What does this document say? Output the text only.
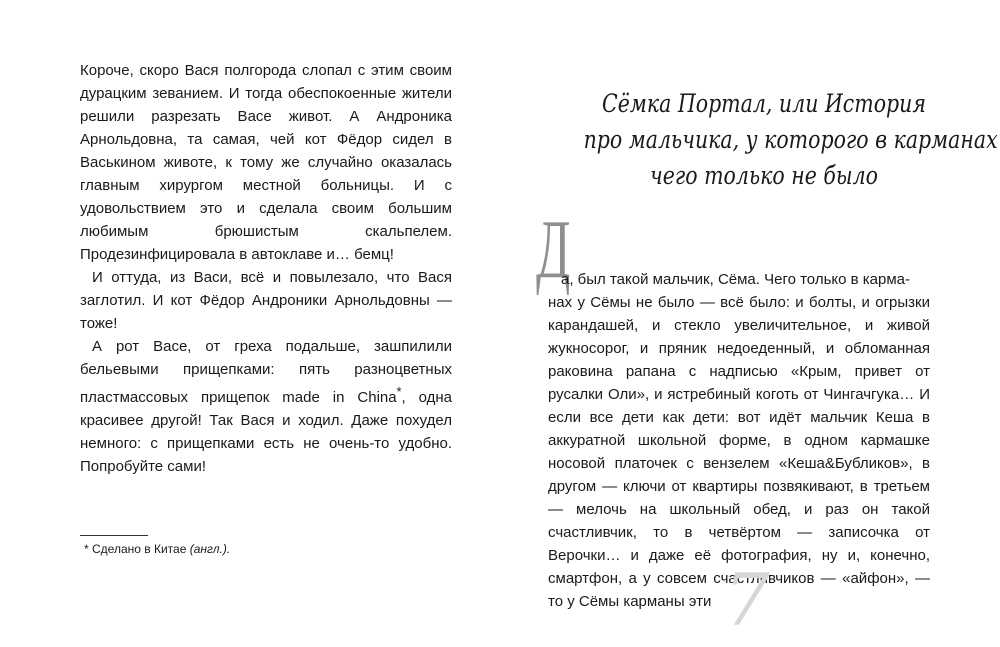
Короче, скоро Вася полгорода слопал с этим своим дурацким зеванием. И тогда обеспокоенные жители решили разрезать Васе живот. А Андроника Арнольдовна, та самая, чей кот Фёдор сидел в Васькином животе, к тому же случайно оказалась главным хирургом местной больницы. И с удовольствием это и сделала своим большим любимым брюшистым скальпелем. Продезинфицировала в автоклаве и… бемц!

И оттуда, из Васи, всё и повылезало, что Вася заглотил. И кот Фёдор Андроники Арнольдовны — тоже!

А рот Васе, от греха подальше, зашпилили бельевыми прищепками: пять разноцветных пластмассовых прищепок made in China*, одна красивее другой! Так Вася и ходил. Даже похудел немного: с прищепками есть не очень-то удобно. Попробуйте сами!

* Сделано в Китае (англ.).
Сёмка Портал, или История
про мальчика, у которого в карманах
чего только не было
Д
а, был такой мальчик, Сёма. Чего только в карма-
нах у Сёмы не было — всё было: и болты, и огрызки карандашей, и стекло увеличительное, и живой жукносорог, и пряник недоеденный, и обломанная раковина рапана с надписью «Крым, привет от русалки Оли», и ястребиный коготь от Чингачгука… И если все дети как дети: вот идёт мальчик Кеша в аккуратной школьной форме, в одном кармашке носовой платочек с вензелем «Кеша&Бубликов», в другом — ключи от квартиры позвякивают, в третьем — мелочь на школьный обед, и раз он такой счастливчик, то в четвёртом — записочка от Верочки… и даже её фотография, ну и, конечно, смартфон, а у совсем счастливчиков — «айфон», — то у Сёмы карманы эти 7
